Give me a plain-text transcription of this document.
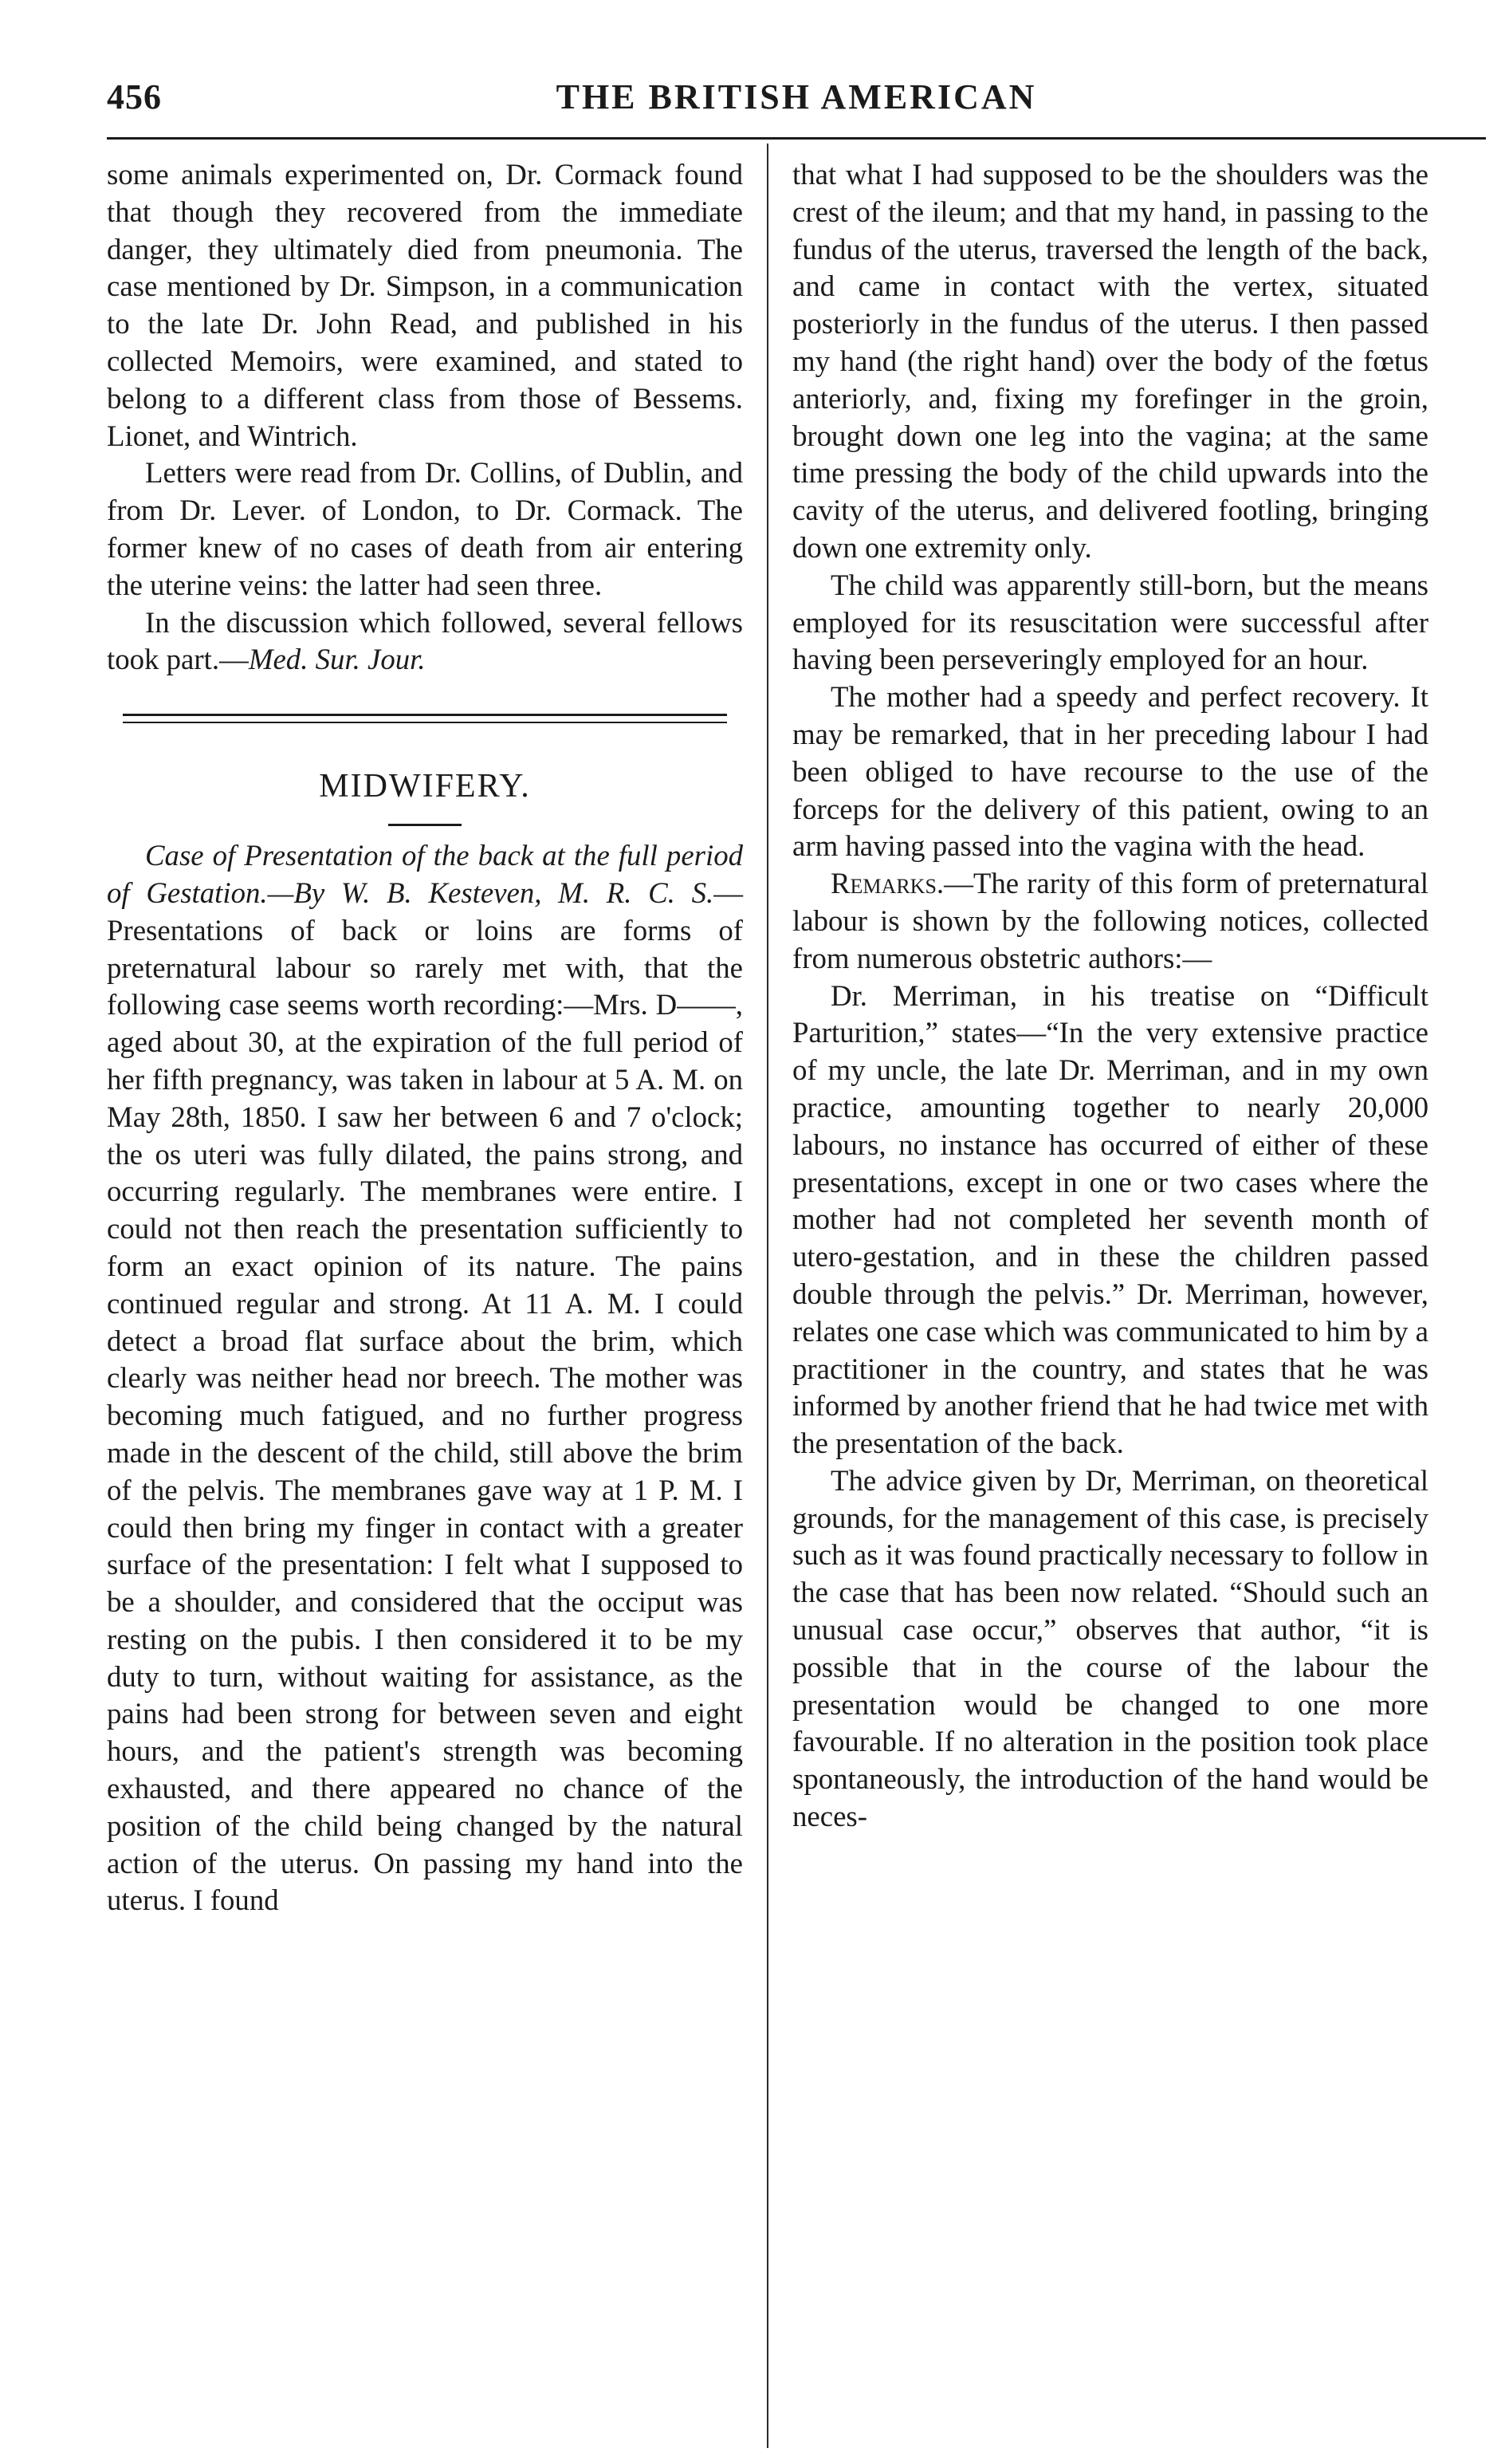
456	THE BRITISH AMERICAN

some animals experimented on, Dr. Cormack found that though they recovered from the immediate danger, they ultimately died from pneumonia. The case mentioned by Dr. Simpson, in a communication to the late Dr. John Read, and published in his collected Memoirs, were examined, and stated to belong to a different class from those of Bessems. Lionet, and Wintrich.

Letters were read from Dr. Collins, of Dublin, and from Dr. Lever. of London, to Dr. Cormack. The former knew of no cases of death from air entering the uterine veins: the latter had seen three.

In the discussion which followed, several fellows took part.—Med. Sur. Jour.

MIDWIFERY.

Case of Presentation of the back at the full period of Gestation.—By W. B. Kesteven, M. R. C. S.—Presentations of back or loins are forms of preternatural labour so rarely met with, that the following case seems worth recording:—Mrs. D——, aged about 30, at the expiration of the full period of her fifth pregnancy, was taken in labour at 5 A. M. on May 28th, 1850. I saw her between 6 and 7 o'clock; the os uteri was fully dilated, the pains strong, and occurring regularly. The membranes were entire. I could not then reach the presentation sufficiently to form an exact opinion of its nature. The pains continued regular and strong. At 11 A. M. I could detect a broad flat surface about the brim, which clearly was neither head nor breech. The mother was becoming much fatigued, and no further progress made in the descent of the child, still above the brim of the pelvis. The membranes gave way at 1 P. M. I could then bring my finger in contact with a greater surface of the presentation: I felt what I supposed to be a shoulder, and considered that the occiput was resting on the pubis. I then considered it to be my duty to turn, without waiting for assistance, as the pains had been strong for between seven and eight hours, and the patient's strength was becoming exhausted, and there appeared no chance of the position of the child being changed by the natural action of the uterus. On passing my hand into the uterus. I found

that what I had supposed to be the shoulders was the crest of the ileum; and that my hand, in passing to the fundus of the uterus, traversed the length of the back, and came in contact with the vertex, situated posteriorly in the fundus of the uterus. I then passed my hand (the right hand) over the body of the fœtus anteriorly, and, fixing my forefinger in the groin, brought down one leg into the vagina; at the same time pressing the body of the child upwards into the cavity of the uterus, and delivered footling, bringing down one extremity only.

The child was apparently still-born, but the means employed for its resuscitation were successful after having been perseveringly employed for an hour.

The mother had a speedy and perfect recovery. It may be remarked, that in her preceding labour I had been obliged to have recourse to the use of the forceps for the delivery of this patient, owing to an arm having passed into the vagina with the head.

Remarks.—The rarity of this form of preternatural labour is shown by the following notices, collected from numerous obstetric authors:—

Dr. Merriman, in his treatise on “Difficult Parturition,” states—“In the very extensive practice of my uncle, the late Dr. Merriman, and in my own practice, amounting together to nearly 20,000 labours, no instance has occurred of either of these presentations, except in one or two cases where the mother had not completed her seventh month of utero-gestation, and in these the children passed double through the pelvis.” Dr. Merriman, however, relates one case which was communicated to him by a practitioner in the country, and states that he was informed by another friend that he had twice met with the presentation of the back.

The advice given by Dr, Merriman, on theoretical grounds, for the management of this case, is precisely such as it was found practically necessary to follow in the case that has been now related. “Should such an unusual case occur,” observes that author, “it is possible that in the course of the labour the presentation would be changed to one more favourable. If no alteration in the position took place spontaneously, the introduction of the hand would be neces-
